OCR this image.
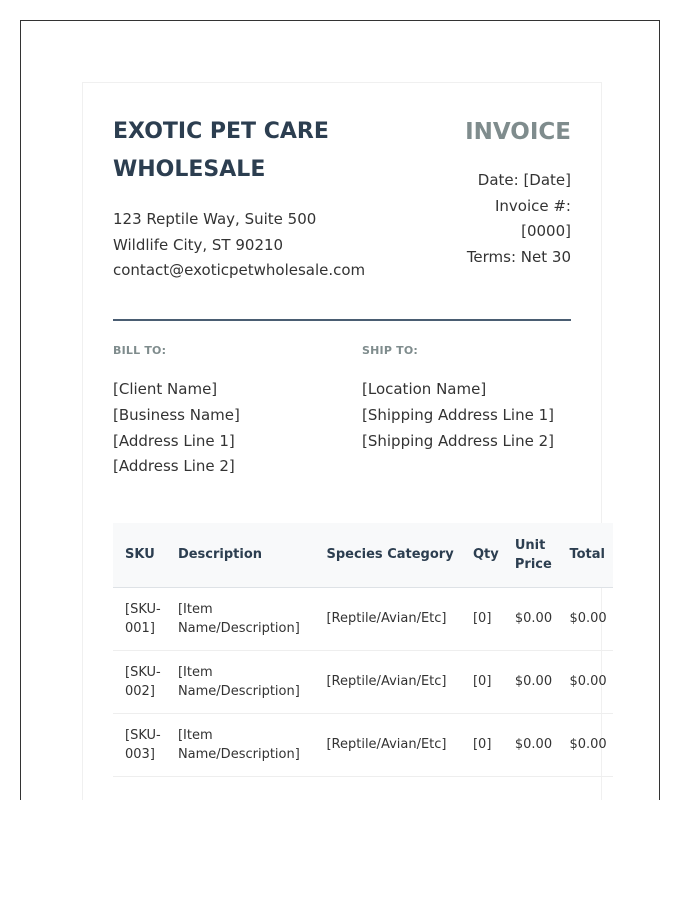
EXOTIC PET CARE WHOLESALE
123 Reptile Way, Suite 500
Wildlife City, ST 90210
contact@exoticpetwholesale.com
INVOICE
Date: [Date]
Invoice #:
[0000]
Terms: Net 30
BILL TO:	SHIP TO:
[Client Name]
[Business Name]
[Address Line 1]
[Address Line 2]
[Location Name]
[Shipping Address Line 1]
[Shipping Address Line 2]
SKU	Description	Species Category	Qty	Unit Price	Total
[SKU-001]	[Item Name/Description]	[Reptile/Avian/Etc]	[0]	$0.00	$0.00
[SKU-002]	[Item Name/Description]	[Reptile/Avian/Etc]	[0]	$0.00	$0.00
[SKU-003]	[Item Name/Description]	[Reptile/Avian/Etc]	[0]	$0.00	$0.00
